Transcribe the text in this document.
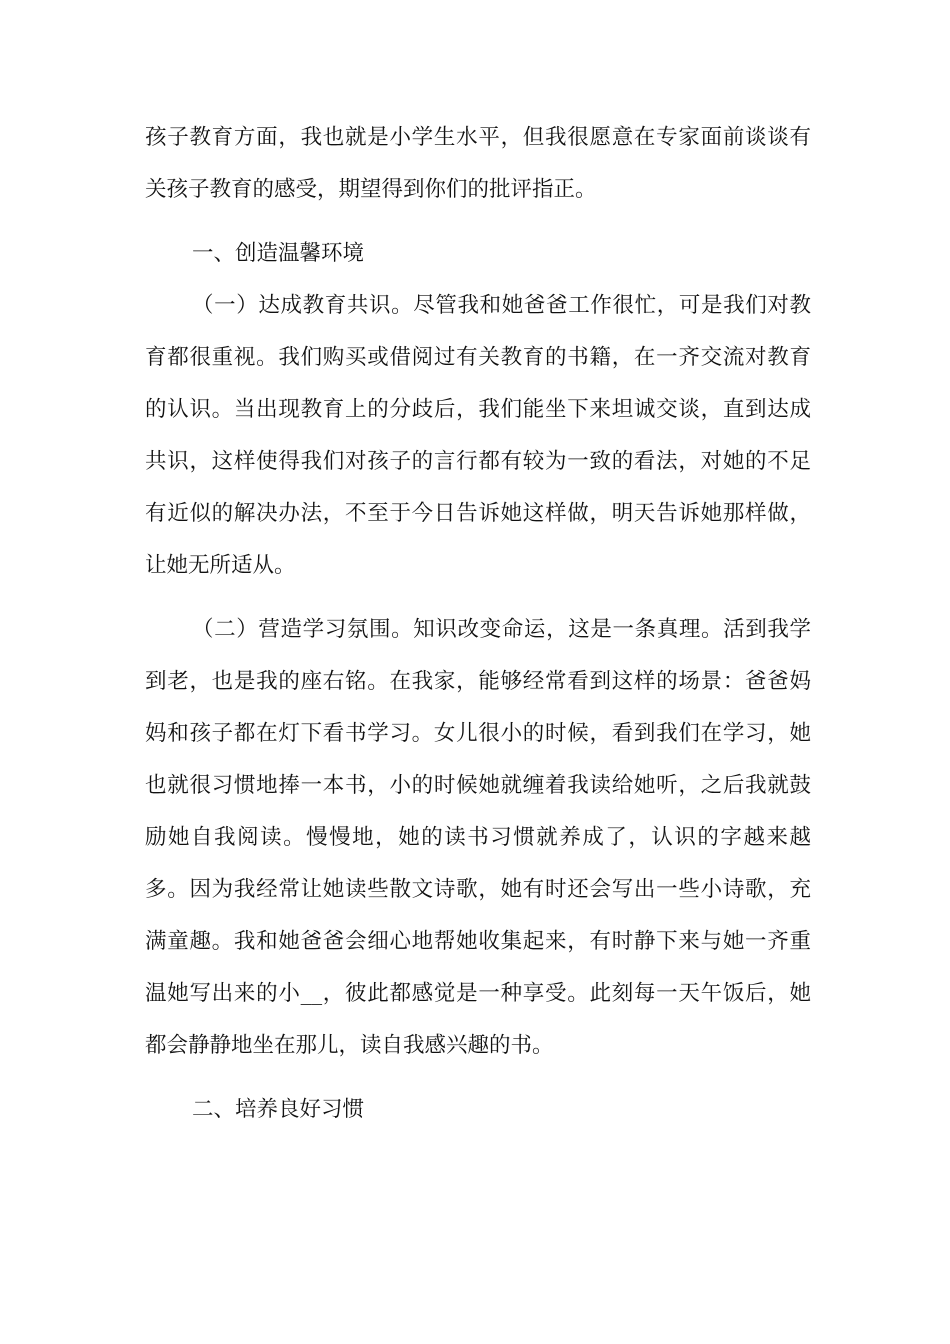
孩子教育方面，我也就是小学生水平，但我很愿意在专家面前谈谈有关孩子教育的感受，期望得到你们的批评指正。

一、创造温馨环境

（一）达成教育共识。尽管我和她爸爸工作很忙，可是我们对教育都很重视。我们购买或借阅过有关教育的书籍，在一齐交流对教育的认识。当出现教育上的分歧后，我们能坐下来坦诚交谈，直到达成共识，这样使得我们对孩子的言行都有较为一致的看法，对她的不足有近似的解决办法，不至于今日告诉她这样做，明天告诉她那样做，让她无所适从。

（二）营造学习氛围。知识改变命运，这是一条真理。活到我学到老，也是我的座右铭。在我家，能够经常看到这样的场景：爸爸妈妈和孩子都在灯下看书学习。女儿很小的时候，看到我们在学习，她也就很习惯地捧一本书，小的时候她就缠着我读给她听，之后我就鼓励她自我阅读。慢慢地，她的读书习惯就养成了，认识的字越来越多。因为我经常让她读些散文诗歌，她有时还会写出一些小诗歌，充满童趣。我和她爸爸会细心地帮她收集起来，有时静下来与她一齐重温她写出来的小__，彼此都感觉是一种享受。此刻每一天午饭后，她都会静静地坐在那儿，读自我感兴趣的书。

二、培养良好习惯
